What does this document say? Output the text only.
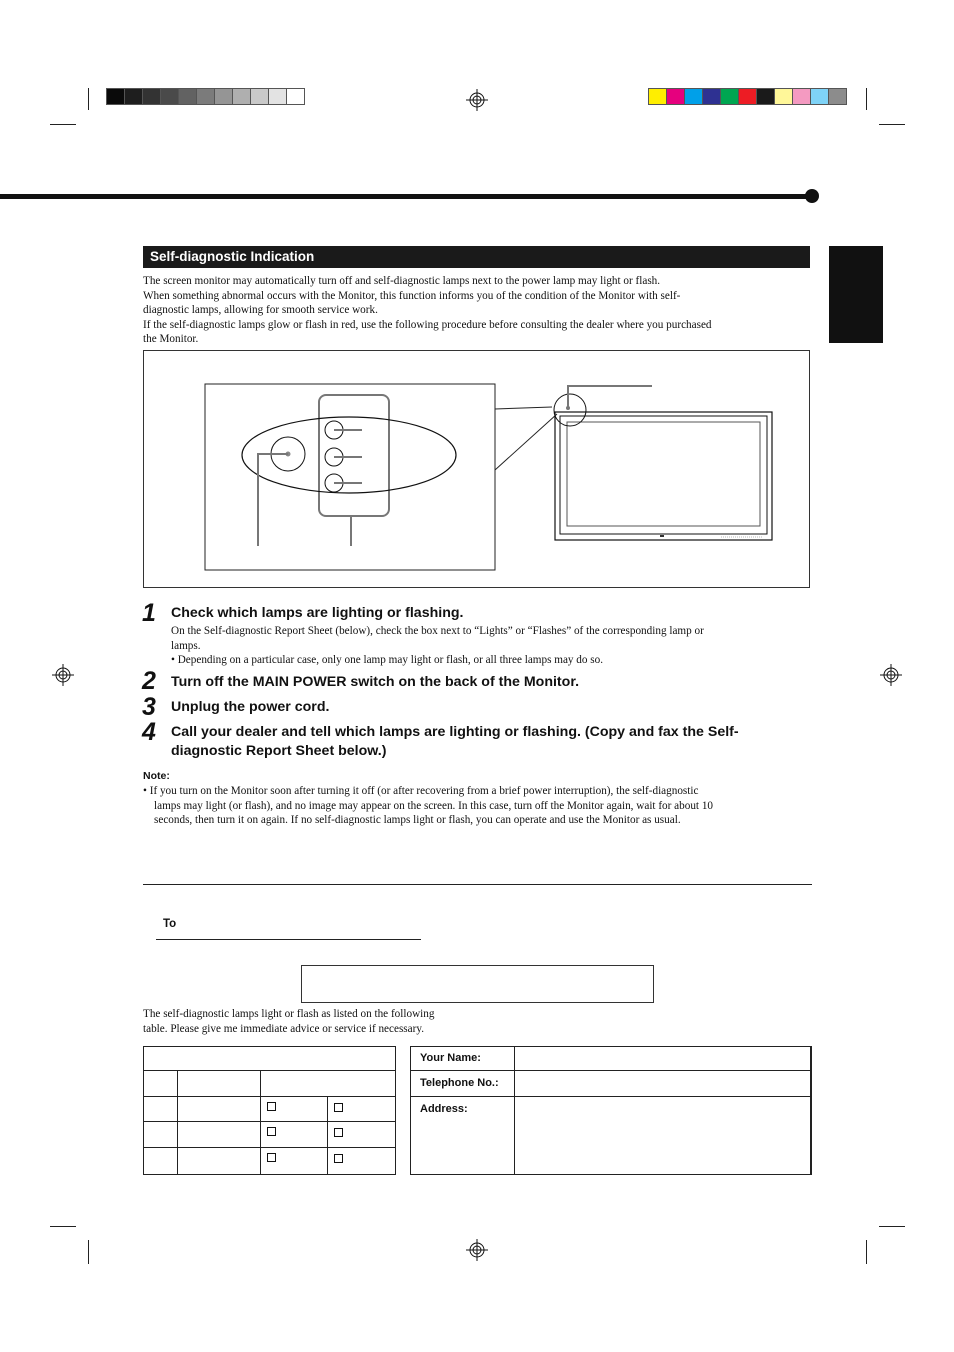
Self-diagnostic Indication
The screen monitor may automatically turn off and self-diagnostic lamps next to the power lamp may light or flash.
When something abnormal occurs with the Monitor, this function informs you of the condition of the Monitor with self-
diagnostic lamps, allowing for smooth service work.
If the self-diagnostic lamps glow or flash in red, use the following procedure before consulting the dealer where you purchased
the Monitor.
1 Check which lamps are lighting or flashing.
On the Self-diagnostic Report Sheet (below), check the box next to “Lights” or “Flashes” of the corresponding lamp or
lamps.
• Depending on a particular case, only one lamp may light or flash, or all three lamps may do so.
2 Turn off the MAIN POWER switch on the back of the Monitor.
3 Unplug the power cord.
4 Call your dealer and tell which lamps are lighting or flashing. (Copy and fax the Self-
diagnostic Report Sheet below.)
Note:
• If you turn on the Monitor soon after turning it off (or after recovering from a brief power interruption), the self-diagnostic
lamps may light (or flash), and no image may appear on the screen. In this case, turn off the Monitor again, wait for about 10
seconds, then turn it on again. If no self-diagnostic lamps light or flash, you can operate and use the Monitor as usual.
To
The self-diagnostic lamps light or flash as listed on the following
table. Please give me immediate advice or service if necessary.
Your Name:
Telephone No.:
Address:
